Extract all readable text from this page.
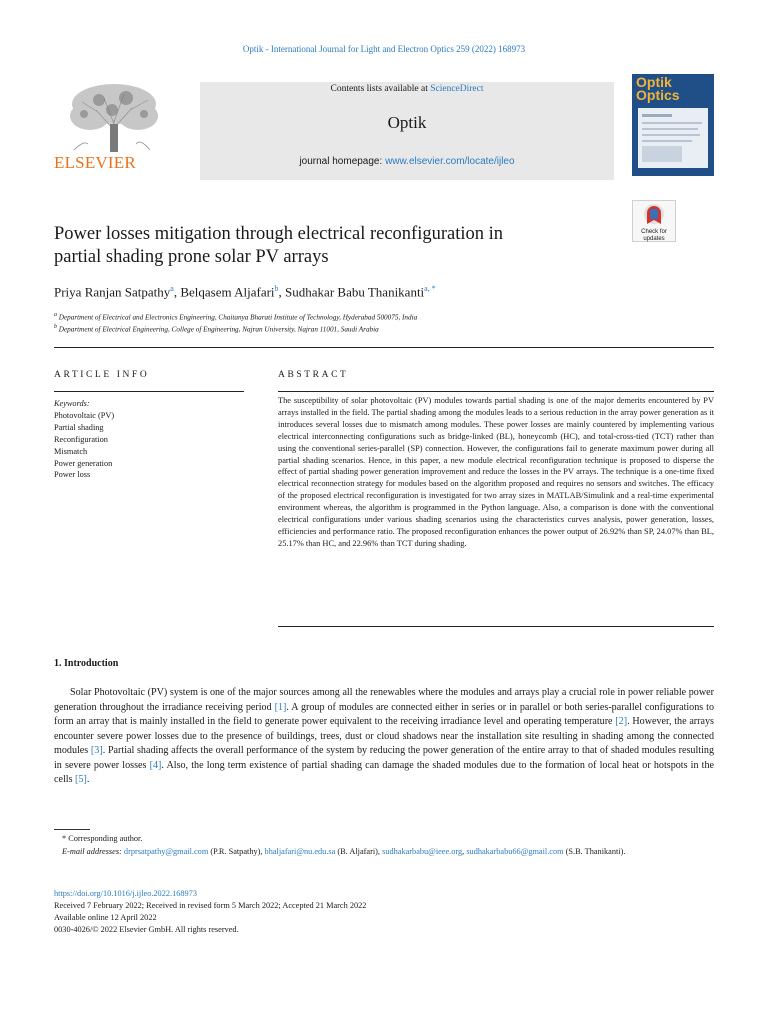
Optik - International Journal for Light and Electron Optics 259 (2022) 168973
ELSEVIER
Contents lists available at ScienceDirect
Optik
journal homepage: www.elsevier.com/locate/ijleo
Optik Optics
Check for updates
Power losses mitigation through electrical reconfiguration in
partial shading prone solar PV arrays
Priya Ranjan Satpathy$^a$, Belqasem Aljafari$^b$, Sudhakar Babu Thanikanti$^{a, *}$
$^a$ Department of Electrical and Electronics Engineering, Chaitanya Bharati Institute of Technology, Hyderabad 500075, India
$^b$ Department of Electrical Engineering, College of Engineering, Najran University, Najran 11001, Saudi Arabia
ARTICLE INFO
Keywords:
Photovoltaic (PV)
Partial shading
Reconfiguration
Mismatch
Power generation
Power loss
ABSTRACT
The susceptibility of solar photovoltaic (PV) modules towards partial shading is one of the major demerits encountered by PV arrays installed in the field. The partial shading among the modules leads to a serious reduction in the array power generation as it introduces several losses due to mismatch among modules. These power losses are mainly countered by implementing various electrical interconnecting configurations such as bridge-linked (BL), honeycomb (HC), and total-cross-tied (TCT) rather than using the conventional series-parallel (SP) connection. However, the configurations fail to generate maximum power during all partial shading scenarios. Hence, in this paper, a new module electrical reconfiguration technique is proposed to disperse the effect of partial shading power generation improvement and reduce the losses in the PV arrays. The technique is a one-time fixed electrical reconnection strategy for modules based on the algorithm proposed and requires no sensors and switches. The efficacy of the proposed electrical reconfiguration is investigated for two array sizes in MATLAB/Simulink and a real-time experimental environment whereas, the algorithm is programmed in the Python language. Also, a comparison is done with the conventional electrical configurations under various shading scenarios using the characteristics curves analysis, power generation, losses, efficiencies and performance ratio. The proposed reconfiguration enhances the power output of 26.92% than SP, 24.07% than BL, 25.17% than HC, and 22.96% than TCT during shading.
1. Introduction
Solar Photovoltaic (PV) system is one of the major sources among all the renewables where the modules and arrays play a crucial role in power reliable power generation throughout the irradiance receiving period [1]. A group of modules are connected either in series or in parallel or both series-parallel configurations to form an array that is mainly installed in the field to generate power equivalent to the receiving irradiance level and operating temperature [2]. However, the arrays encounter severe power losses due to the presence of buildings, trees, dust or cloud shadows near the installation site resulting in shading among the connected modules [3]. Partial shading affects the overall performance of the system by reducing the power generation of the entire array to that of shaded modules resulting in severe power losses [4]. Also, the long term existence of partial shading can damage the shaded modules due to the formation of local heat or hotspots in the cells [5].
* Corresponding author.
E-mail addresses: drprsatpathy@gmail.com (P.R. Satpathy), bhaljafari@nu.edu.sa (B. Aljafari), sudhakarbabu@ieee.org, sudhakarbabu66@gmail.com (S.B. Thanikanti).
https://doi.org/10.1016/j.ijleo.2022.168973
Received 7 February 2022; Received in revised form 5 March 2022; Accepted 21 March 2022
Available online 12 April 2022
0030-4026/© 2022 Elsevier GmbH. All rights reserved.
